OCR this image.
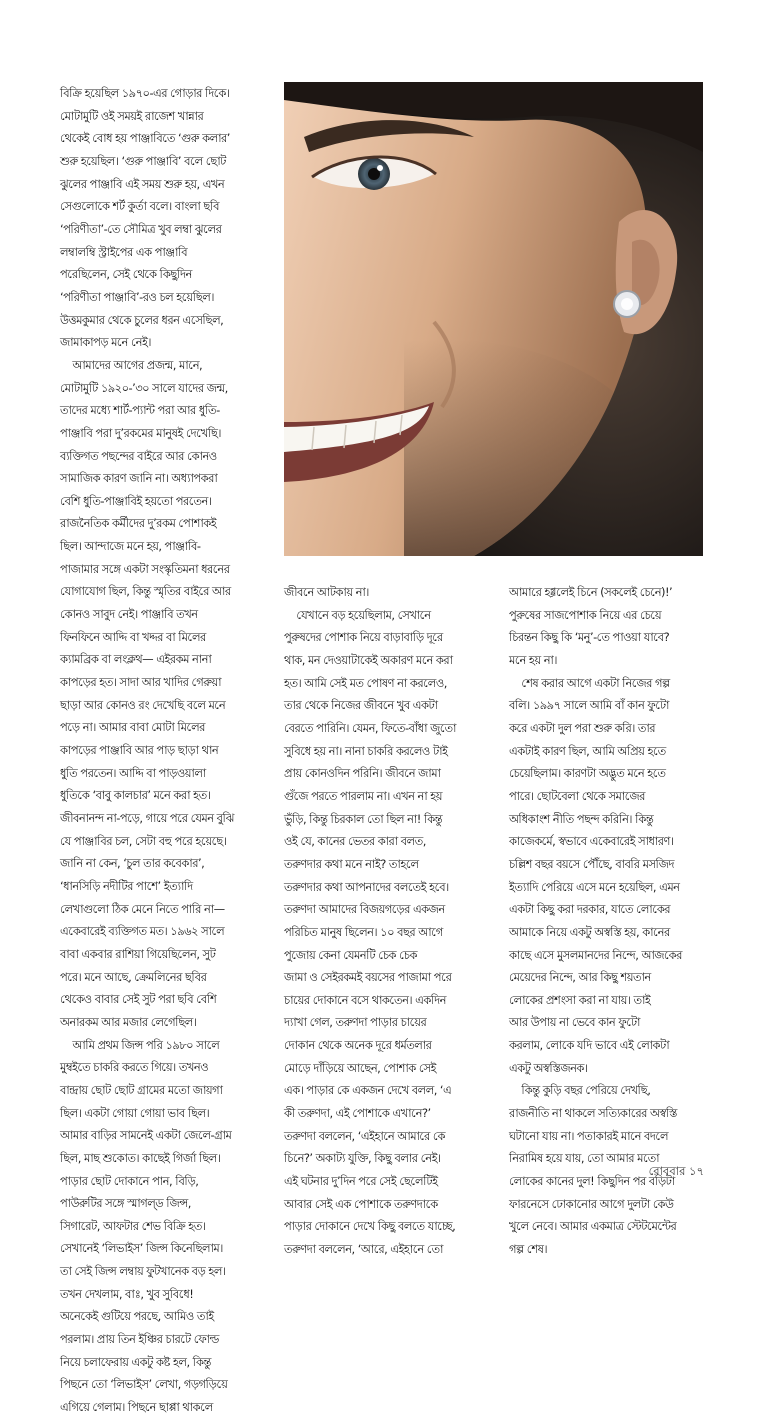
বিক্রি হয়েছিল ১৯৭০-এর গোড়ার দিকে।
মোটামুটি ওই সময়ই রাজেশ খান্নার
থেকেই বোধ হয় পাঞ্জাবিতে ‘গুরু কলার’
শুরু হয়েছিল। ‘গুরু পাঞ্জাবি’ বলে ছোট
ঝুলের পাঞ্জাবি এই সময় শুরু হয়, এখন
সেগুলোকে শর্ট কুর্তা বলে। বাংলা ছবি
‘পরিণীতা’-তে সৌমিত্র খুব লম্বা ঝুলের
লম্বালম্বি স্ট্রাইপের এক পাঞ্জাবি
পরেছিলেন, সেই থেকে কিছুদিন
‘পরিণীতা পাঞ্জাবি’-রও চল হয়েছিল।
উত্তমকুমার থেকে চুলের ধরন এসেছিল,
জামাকাপড় মনে নেই।
আমাদের আগের প্রজন্ম, মানে,
মোটামুটি ১৯২০-’৩০ সালে যাদের জন্ম,
তাদের মধ্যে শার্ট-প্যান্ট পরা আর ধুতি-
পাঞ্জাবি পরা দু’রকমের মানুষই দেখেছি।
ব্যক্তিগত পছন্দের বাইরে আর কোনও
সামাজিক কারণ জানি না। অধ্যাপকরা
বেশি ধুতি-পাঞ্জাবিই হয়তো পরতেন।
রাজনৈতিক কর্মীদের দু’রকম পোশাকই
ছিল। আন্দাজে মনে হয়, পাঞ্জাবি-
পাজামার সঙ্গে একটা সংস্কৃতিমনা ধরনের
যোগাযোগ ছিল, কিন্তু স্মৃতির বাইরে আর
কোনও সাবুদ নেই। পাঞ্জাবি তখন
ফিনফিনে আদ্দি বা খদ্দর বা মিলের
ক্যামব্রিক বা লংক্লথ— এইরকম নানা
কাপড়ের হত। সাদা আর খাদির গেরুয়া
ছাড়া আর কোনও রং দেখেছি বলে মনে
পড়ে না। আমার বাবা মোটা মিলের
কাপড়ের পাঞ্জাবি আর পাড় ছাড়া থান
ধুতি পরতেন। আদ্দি বা পাড়ওয়ালা
ধুতিকে ‘বাবু কালচার’ মনে করা হত।
জীবনানন্দ না-পড়ে, গায়ে পরে যেমন বুঝি
যে পাঞ্জাবির চল, সেটা বহু পরে হয়েছে।
জানি না কেন, ‘চুল তার কবেকার’,
‘ধানসিড়ি নদীটির পাশে’ ইত্যাদি
লেখাগুলো ঠিক মেনে নিতে পারি না—
একেবারেই ব্যক্তিগত মত। ১৯৬২ সালে
বাবা একবার রাশিয়া গিয়েছিলেন, সুট
পরে। মনে আছে, ক্রেমলিনের ছবির
থেকেও বাবার সেই সুট পরা ছবি বেশি
অনারকম আর মজার লেগেছিল।
আমি প্রথম জিন্স পরি ১৯৮০ সালে
মুম্বইতে চাকরি করতে গিয়ে। তখনও
বান্দ্রায় ছোট ছোট গ্রামের মতো জায়গা
ছিল। একটা গোয়া গোয়া ভাব ছিল।
আমার বাড়ির সামনেই একটা জেলে-গ্রাম
ছিল, মাছ শুকোত। কাছেই গির্জা ছিল।
পাড়ার ছোট দোকানে পান, বিড়ি,
পাউরুটির সঙ্গে স্মাগল্‌ড জিন্স,
সিগারেট, আফটার শেভ বিক্রি হত।
সেখানেই ‘লিভাইস’ জিন্স কিনেছিলাম।
তা সেই জিন্স লম্বায় ফুটখানেক বড় হল।
তখন দেখলাম, বাঃ, খুব সুবিধে!
অনেকেই গুটিয়ে পরছে, আমিও তাই
পরলাম। প্রায় তিন ইঞ্চির চারটে ফোল্ড
নিয়ে চলাফেরায় একটু কষ্ট হল, কিন্তু
পিছনে তো ‘লিভাইস’ লেখা, গড়গড়িয়ে
এগিয়ে গেলাম। পিছনে ছাপ্পা থাকলে
জীবনে আটকায় না।
যেখানে বড় হয়েছিলাম, সেখানে
পুরুষদের পোশাক নিয়ে বাড়াবাড়ি দূরে
থাক, মন দেওয়াটাকেই অকারণ মনে করা
হত। আমি সেই মত পোষণ না করলেও,
তার থেকে নিজের জীবনে খুব একটা
বেরতে পারিনি। যেমন, ফিতে-বাঁধা জুতো
সুবিধে হয় না। নানা চাকরি করলেও টাই
প্রায় কোনওদিন পরিনি। জীবনে জামা
গুঁজে পরতে পারলাম না। এখন না হয়
ভুঁড়ি, কিন্তু চিরকাল তো ছিল না! কিন্তু
ওই যে, কানের ভেতর কারা বলত,
তরুণদার কথা মনে নাই? তাহলে
তরুণদার কথা আপনাদের বলতেই হবে।
তরুণদা আমাদের বিজয়গড়ের একজন
পরিচিত মানুষ ছিলেন। ১০ বছর আগে
পুজোয় কেনা যেমনটি চেক চেক
জামা ও সেইরকমই বয়সের পাজামা পরে
চায়ের দোকানে বসে থাকতেন। একদিন
দ্যাখা গেল, তরুণদা পাড়ার চায়ের
দোকান থেকে অনেক দূরে ধর্মতলার
মোড়ে দাঁড়িয়ে আছেন, পোশাক সেই
এক। পাড়ার কে একজন দেখে বলল, ‘এ
কী তরুণদা, এই পোশাকে এখানে?’
তরুণদা বললেন, ‘এইহানে আমারে কে
চিনে?’ অকাট্য যুক্তি, কিছু বলার নেই।
এই ঘটনার দু’দিন পরে সেই ছেলেটিই
আবার সেই এক পোশাকে তরুণদাকে
পাড়ার দোকানে দেখে কিছু বলতে যাচ্ছে,
তরুণদা বললেন, ‘আরে, এইহানে তো
আমারে হগ্গলেই চিনে (সকলেই চেনে)!’
পুরুষের সাজপোশাক নিয়ে এর চেয়ে
চিরন্তন কিছু কি ‘মনু’-তে পাওয়া যাবে?
মনে হয় না।
শেষ করার আগে একটা নিজের গল্প
বলি। ১৯৯৭ সালে আমি বাঁ কান ফুটো
করে একটা দুল পরা শুরু করি। তার
একটাই কারণ ছিল, আমি অপ্রিয় হতে
চেয়েছিলাম। কারণটা অদ্ভুত মনে হতে
পারে। ছোটবেলা থেকে সমাজের
অধিকাংশ নীতি পছন্দ করিনি। কিন্তু
কাজেকর্মে, স্বভাবে একেবারেই সাধারণ।
চল্লিশ বছর বয়সে পৌঁছে, বাবরি মসজিদ
ইত্যাদি পেরিয়ে এসে মনে হয়েছিল, এমন
একটা কিছু করা দরকার, যাতে লোকের
আমাকে নিয়ে একটু অস্বস্তি হয়, কানের
কাছে এসে মুসলমানদের নিন্দে, আজকের
মেয়েদের নিন্দে, আর কিছু শয়তান
লোকের প্রশংসা করা না যায়। তাই
আর উপায় না ভেবে কান ফুটো
করলাম, লোকে যদি ভাবে এই লোকটা
একটু অস্বস্তিজনক।
কিন্তু কুড়ি বছর পেরিয়ে দেখছি,
রাজনীতি না থাকলে সত্যিকারের অস্বস্তি
ঘটানো যায় না। পতাকারই মানে বদলে
নিরামিষ হয়ে যায়, তো আমার মতো
লোকের কানের দুল! কিছুদিন পর বড়িটা
ফারনেসে ঢোকানোর আগে দুলটা কেউ
খুলে নেবে। আমার একমাত্র স্টেটমেন্টের
গল্প শেষ।
রোববার ১৭
